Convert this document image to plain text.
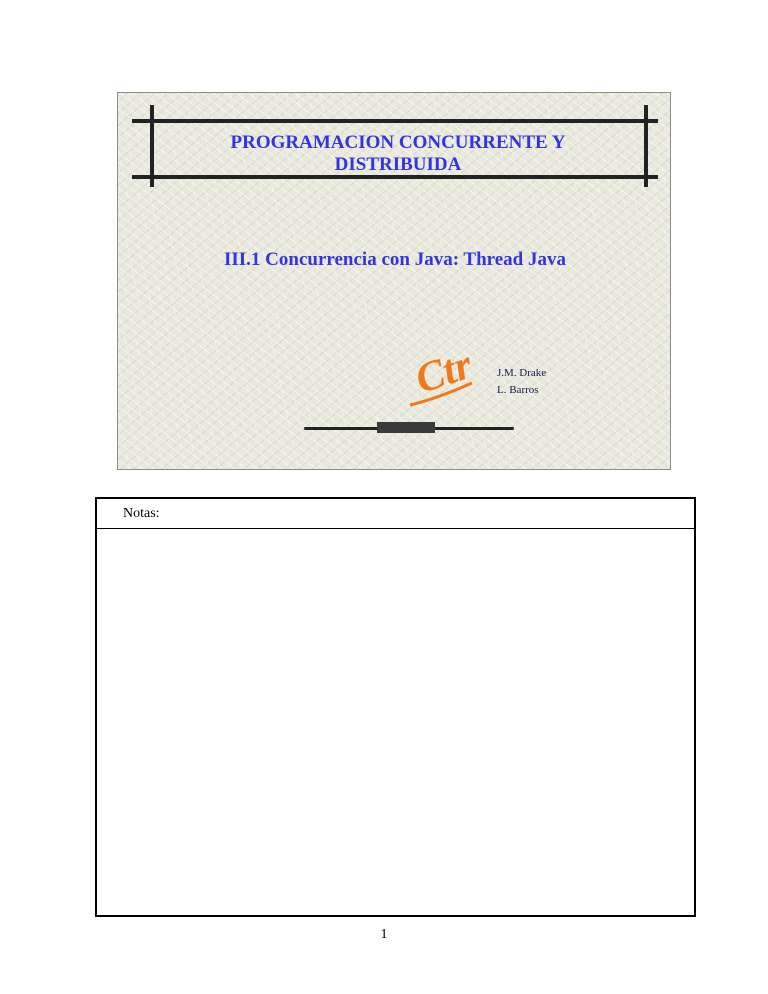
PROGRAMACION CONCURRENTE Y
DISTRIBUIDA
III.1 Concurrencia con Java: Thread Java
Ctr J.M. Drake
L. Barros
Notas:
1
